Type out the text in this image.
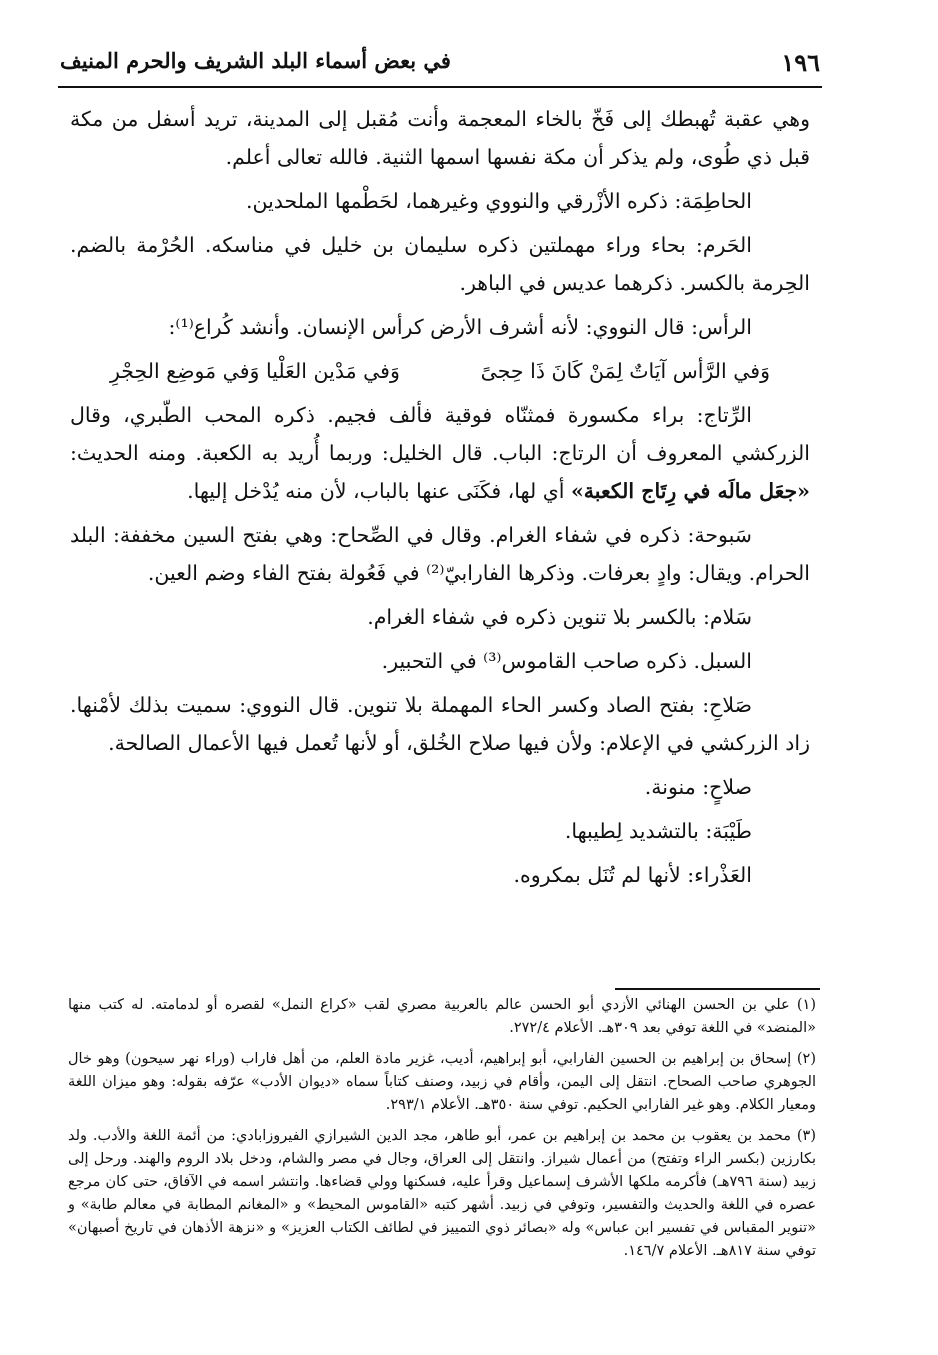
١٩٦
في بعض أسماء البلد الشريف والحرم المنيف

وهي عقبة تُهبطك إلى فَخّ بالخاء المعجمة وأنت مُقبل إلى المدينة، تريد أسفل من مكة قبل ذي طُوى، ولم يذكر أن مكة نفسها اسمها الثنية. فالله تعالى أعلم.

الحاطِمَة: ذكره الأزْرقي والنووي وغيرهما، لحَطْمها الملحدين.

الحَرم: بحاء وراء مهملتين ذكره سليمان بن خليل في مناسكه. الحُرْمة بالضم. الحِرمة بالكسر. ذكرهما عديس في الباهر.

الرأس: قال النووي: لأنه أشرف الأرض كرأس الإنسان. وأنشد كُراع⁽¹⁾:

وَفي الرَّأس آيَاتٌ لِمَنْ كَانَ ذَا حِجىً
وَفي مَدْين العَلْيا وَفي مَوضِع الحِجْرِ

الرِّتاج: براء مكسورة فمثنّاه فوقية فألف فجيم. ذكره المحب الطّبري، وقال الزركشي المعروف أن الرتاج: الباب. قال الخليل: وربما أُريد به الكعبة. ومنه الحديث: «جعَل مالَه في رِتَاج الكعبة» أي لها، فكَنَى عنها بالباب، لأن منه يُدْخل إليها.

سَبوحة: ذكره في شفاء الغرام. وقال في الصِّحاح: وهي بفتح السين مخففة: البلد الحرام. ويقال: وادٍ بعرفات. وذكرها الفارابيّ⁽²⁾ في فَعُولة بفتح الفاء وضم العين.

سَلام: بالكسر بلا تنوين ذكره في شفاء الغرام.

السبل. ذكره صاحب القاموس⁽³⁾ في التحبير.

صَلاحِ: بفتح الصاد وكسر الحاء المهملة بلا تنوين. قال النووي: سميت بذلك لأمْنها. زاد الزركشي في الإعلام: ولأن فيها صلاح الخُلق، أو لأنها تُعمل فيها الأعمال الصالحة.

صلاحٍ: منونة.

طَيْبَة: بالتشديد لِطيبها.

العَذْراء: لأنها لم تُنَل بمكروه.

(١) علي بن الحسن الهنائي الأزدي أبو الحسن عالم بالعربية مصري لقب «كراع النمل» لقصره أو لدمامته. له كتب منها «المنضد» في اللغة توفي بعد ٣٠٩هـ. الأعلام ٢٧٢/٤.

(٢) إسحاق بن إبراهيم بن الحسين الفارابي، أبو إبراهيم، أديب، غزير مادة العلم، من أهل فاراب (وراء نهر سيحون) وهو خال الجوهري صاحب الصحاح. انتقل إلى اليمن، وأقام في زبيد، وصنف كتاباً سماه «ديوان الأدب» عرّفه بقوله: وهو ميزان اللغة ومعيار الكلام. وهو غير الفارابي الحكيم. توفي سنة ٣٥٠هـ. الأعلام ٢٩٣/١.

(٣) محمد بن يعقوب بن محمد بن إبراهيم بن عمر، أبو طاهر، مجد الدين الشيرازي الفيروزابادي: من أئمة اللغة والأدب. ولد بكارزين (بكسر الراء وتفتح) من أعمال شيراز. وانتقل إلى العراق، وجال في مصر والشام، ودخل بلاد الروم والهند. ورحل إلى زبيد (سنة ٧٩٦هـ) فأكرمه ملكها الأشرف إسماعيل وقرأ عليه، فسكنها وولي قضاءها. وانتشر اسمه في الآفاق، حتى كان مرجع عصره في اللغة والحديث والتفسير، وتوفي في زبيد. أشهر كتبه «القاموس المحيط» و «المغانم المطابة في معالم طابة» و «تنوير المقباس في تفسير ابن عباس» وله «بصائر ذوي التمييز في لطائف الكتاب العزيز» و «نزهة الأذهان في تاريخ أصبهان» توفي سنة ٨١٧هـ. الأعلام ١٤٦/٧.
